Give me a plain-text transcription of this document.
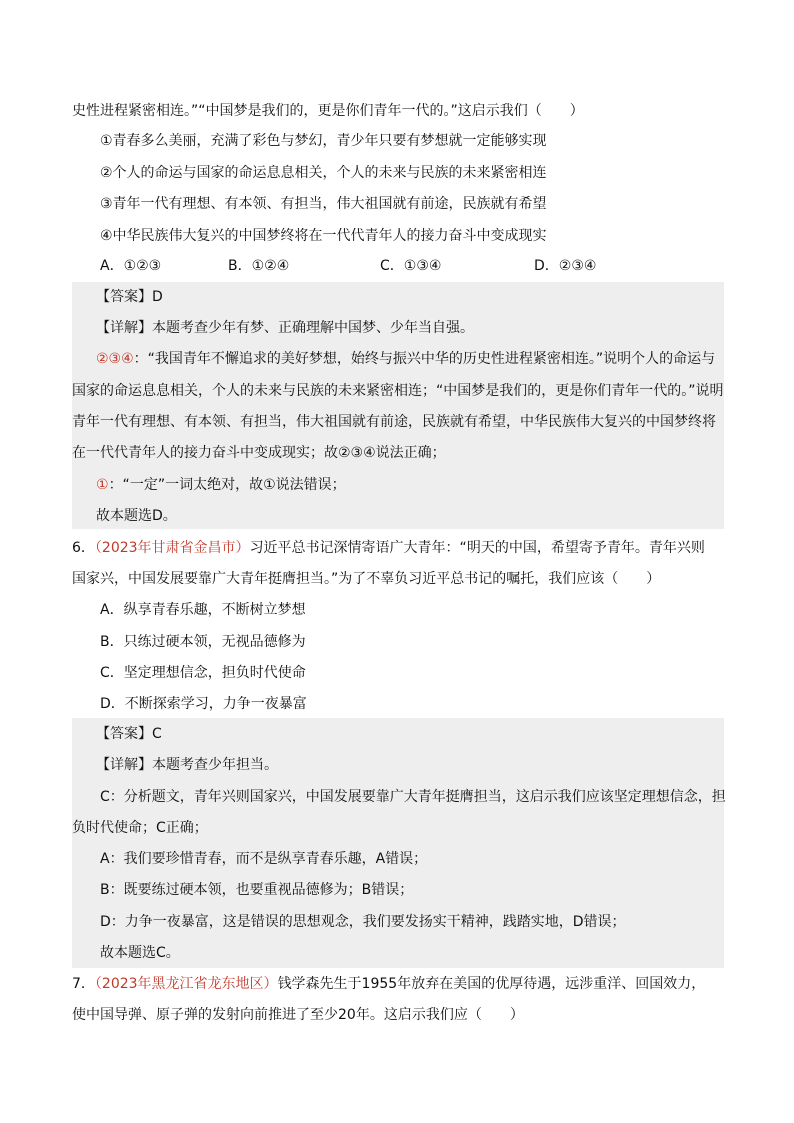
史性进程紧密相连。”“中国梦是我们的，更是你们青年一代的。”这启示我们（　　）
①青春多么美丽，充满了彩色与梦幻，青少年只要有梦想就一定能够实现
②个人的命运与国家的命运息息相关，个人的未来与民族的未来紧密相连
③青年一代有理想、有本领、有担当，伟大祖国就有前途，民族就有希望
④中华民族伟大复兴的中国梦终将在一代代青年人的接力奋斗中变成现实
A．①②③	B．①②④	C．①③④	D．②③④
【答案】D
【详解】本题考查少年有梦、正确理解中国梦、少年当自强。
②③④：“我国青年不懈追求的美好梦想，始终与振兴中华的历史性进程紧密相连。”说明个人的命运与
国家的命运息息相关，个人的未来与民族的未来紧密相连；“中国梦是我们的，更是你们青年一代的。”说明
青年一代有理想、有本领、有担当，伟大祖国就有前途，民族就有希望，中华民族伟大复兴的中国梦终将
在一代代青年人的接力奋斗中变成现实；故②③④说法正确；
①：“一定”一词太绝对，故①说法错误；
故本题选D。
6．（2023年甘肃省金昌市）习近平总书记深情寄语广大青年：“明天的中国，希望寄予青年。青年兴则
国家兴，中国发展要靠广大青年挺膺担当。”为了不辜负习近平总书记的嘱托，我们应该（　　）
A．纵享青春乐趣，不断树立梦想
B．只练过硬本领，无视品德修为
C．坚定理想信念，担负时代使命
D．不断探索学习，力争一夜暴富
【答案】C
【详解】本题考查少年担当。
C：分析题文，青年兴则国家兴，中国发展要靠广大青年挺膺担当，这启示我们应该坚定理想信念，担
负时代使命；C正确；
A：我们要珍惜青春，而不是纵享青春乐趣，A错误；
B：既要练过硬本领，也要重视品德修为；B错误；
D：力争一夜暴富，这是错误的思想观念，我们要发扬实干精神，践踏实地，D错误；
故本题选C。
7．（2023年黑龙江省龙东地区）钱学森先生于1955年放弃在美国的优厚待遇，远涉重洋、回国效力，
使中国导弹、原子弹的发射向前推进了至少20年。这启示我们应（　　）
